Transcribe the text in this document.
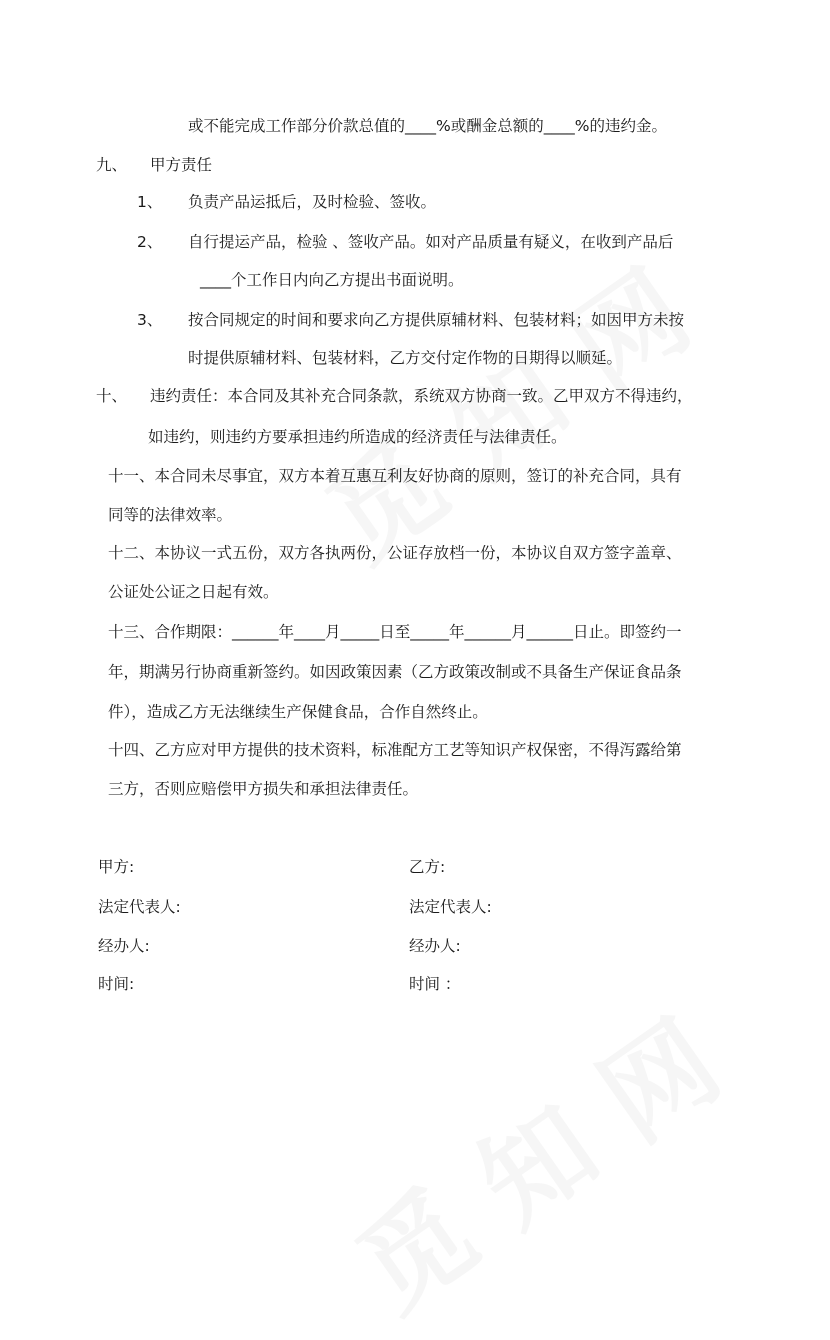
或不能完成工作部分价款总值的____%或酬金总额的____%的违约金。
九、 甲方责任
1、 负责产品运抵后，及时检验、签收。
2、 自行提运产品，检验 、签收产品。如对产品质量有疑义，在收到产品后
____个工作日内向乙方提出书面说明。
3、 按合同规定的时间和要求向乙方提供原辅材料、包装材料；如因甲方未按
时提供原辅材料、包装材料，乙方交付定作物的日期得以顺延。
十、 违约责任：本合同及其补充合同条款，系统双方协商一致。乙甲双方不得违约，
如违约，则违约方要承担违约所造成的经济责任与法律责任。
十一、本合同未尽事宜，双方本着互惠互利友好协商的原则，签订的补充合同，具有
同等的法律效率。
十二、本协议一式五份，双方各执两份，公证存放档一份，本协议自双方签字盖章、
公证处公证之日起有效。
十三、合作期限：______年____月_____日至_____年______月______日止。即签约一
年，期满另行协商重新签约。如因政策因素（乙方政策改制或不具备生产保证食品条
件），造成乙方无法继续生产保健食品，合作自然终止。
十四、乙方应对甲方提供的技术资料，标准配方工艺等知识产权保密，不得泻露给第
三方，否则应赔偿甲方损失和承担法律责任。
甲方:
法定代表人:
经办人:
时间:
乙方:
法定代表人:
经办人:
时间 ：
